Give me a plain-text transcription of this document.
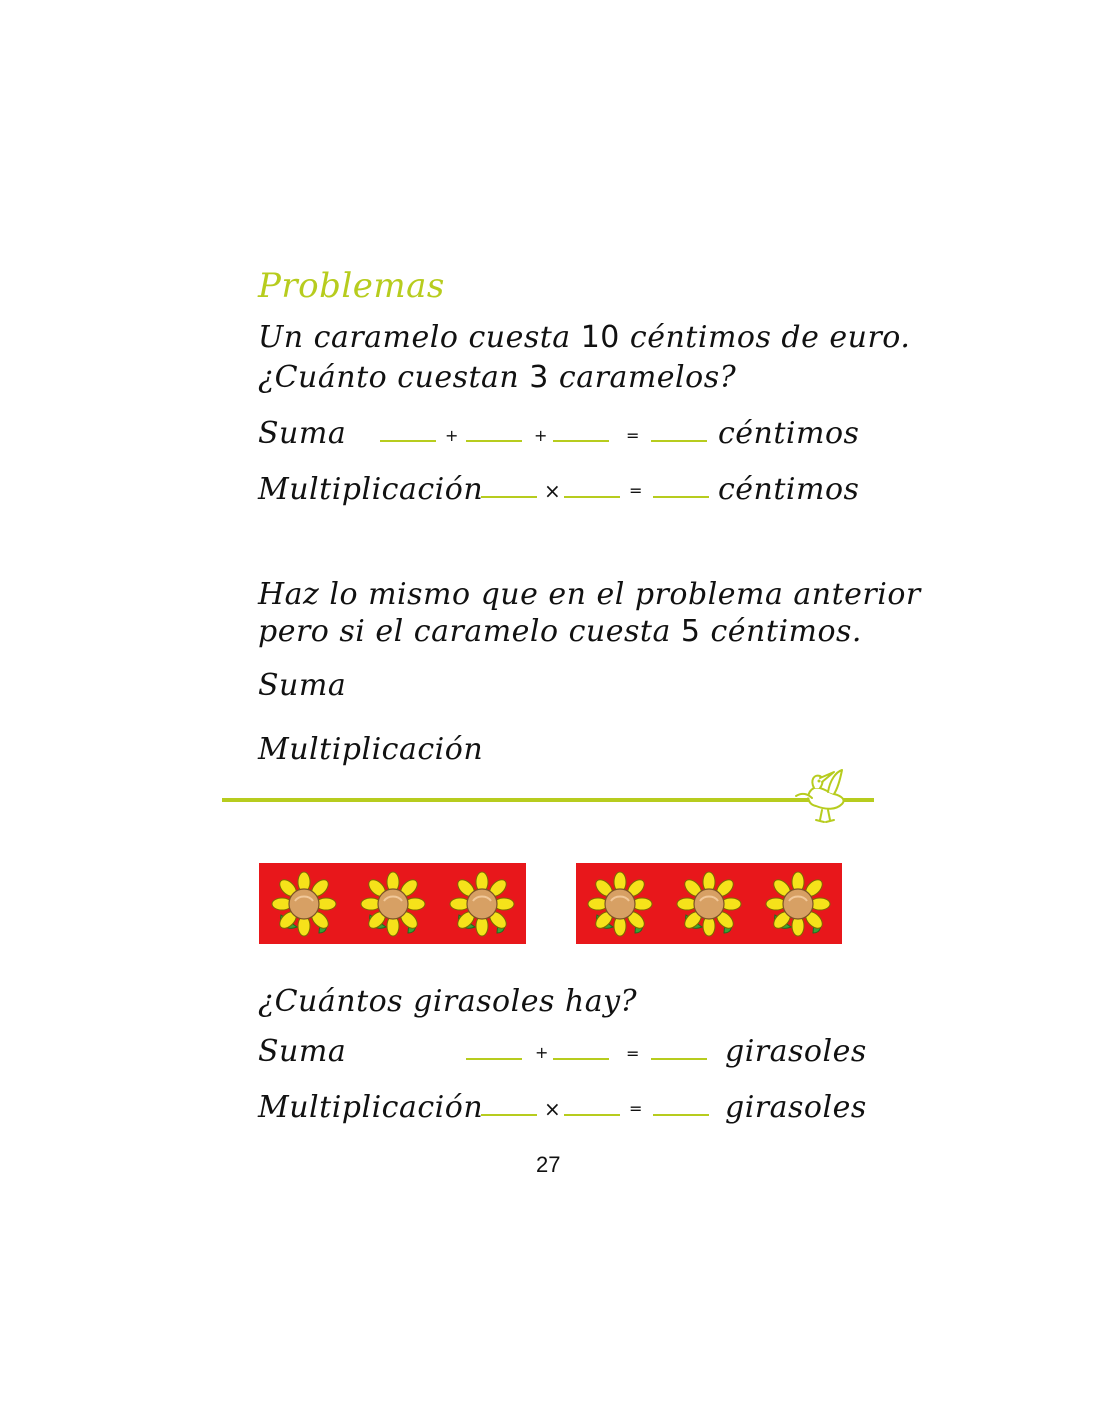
Problemas
Un caramelo cuesta 10 céntimos de euro.
¿Cuánto cuestan 3 caramelos?
Suma	+	+	=	céntimos
Multiplicación	×	=	céntimos
Haz lo mismo que en el problema anterior
pero si el caramelo cuesta 5 céntimos.
Suma
Multiplicación
¿Cuántos girasoles hay?
Suma	+	=	girasoles
Multiplicación	×	=	girasoles
27
